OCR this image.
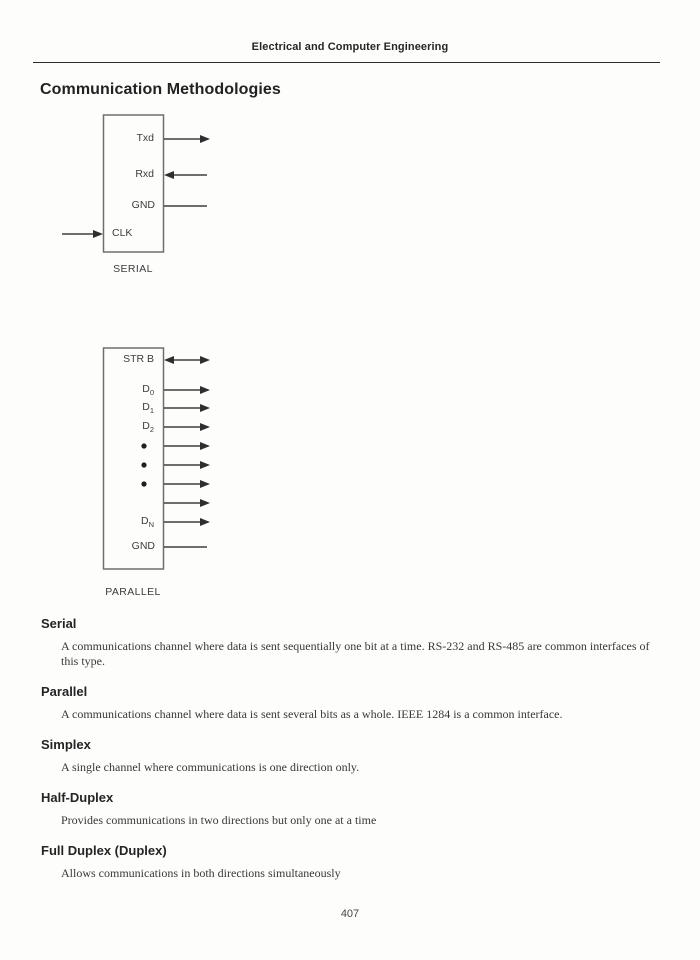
Electrical and Computer Engineering
Communication Methodologies
Txd
Rxd
GND
CLK
SERIAL
STR B
$D_0$
$D_1$
$D_2$
$D_N$
GND
PARALLEL
Serial

A communications channel where data is sent sequentially one bit at a time. RS-232 and RS-485 are common interfaces of this type.

Parallel

A communications channel where data is sent several bits as a whole. IEEE 1284 is a common interface.

Simplex

A single channel where communications is one direction only.

Half-Duplex

Provides communications in two directions but only one at a time

Full Duplex (Duplex)

Allows communications in both directions simultaneously

407
